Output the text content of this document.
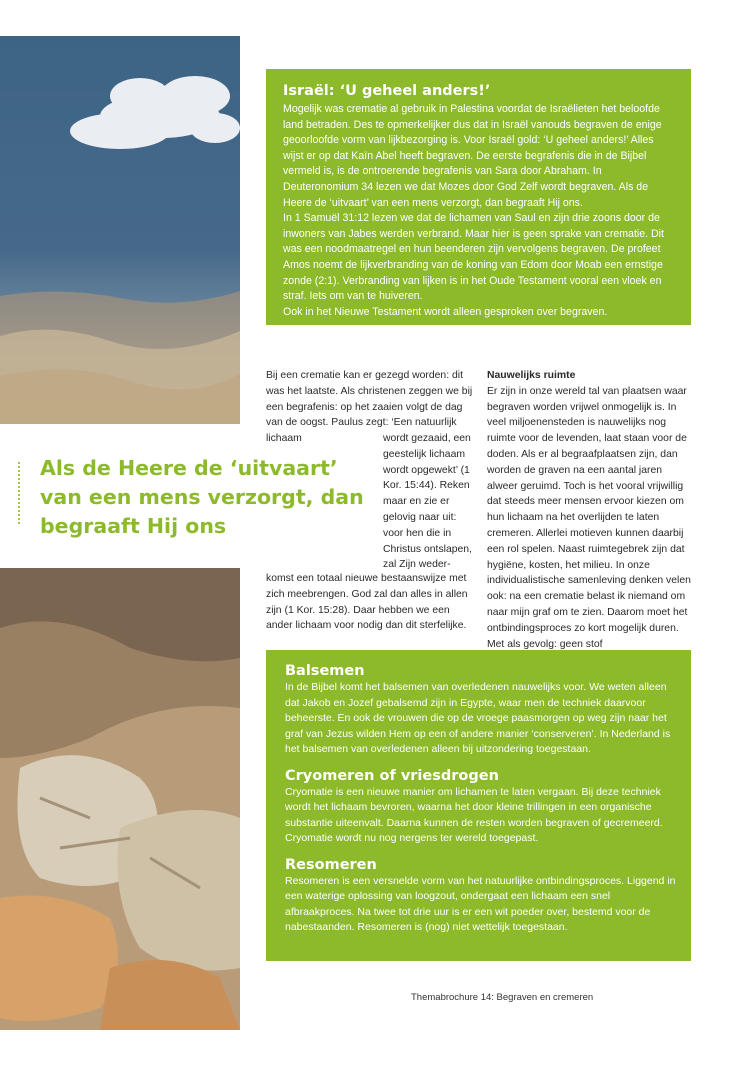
Israël: ‘U geheel anders!’

Mogelijk was crematie al gebruik in Palestina voordat de Israëlieten het beloofde land betraden. Des te opmerkelijker dus dat in Israël vanouds begraven de enige geoorloofde vorm van lijkbezorging is. Voor Israël gold: ‘U geheel anders!’ Alles wijst er op dat Kaïn Abel heeft begraven. De eerste begrafenis die in de Bijbel vermeld is, is de ontroerende begrafenis van Sara door Abraham. In Deuteronomium 34 lezen we dat Mozes door God Zelf wordt begraven. Als de Heere de ‘uitvaart’ van een mens verzorgt, dan begraaft Hij ons.

In 1 Samuël 31:12 lezen we dat de lichamen van Saul en zijn drie zoons door de inwoners van Jabes werden verbrand. Maar hier is geen sprake van crematie. Dit was een noodmaatregel en hun beenderen zijn vervolgens begraven. De profeet Amos noemt de lijkverbranding van de koning van Edom door Moab een ernstige zonde (2:1). Verbranding van lijken is in het Oude Testament vooral een vloek en straf. Iets om van te huiveren.

Ook in het Nieuwe Testament wordt alleen gesproken over begraven.

Bij een crematie kan er gezegd worden: dit was het laatste. Als christenen zeggen we bij een begrafenis: op het zaaien volgt de dag van de oogst. Paulus zegt: ‘Een natuurlijk lichaam	wordt gezaaid, een geestelijk lichaam wordt opgewekt’ (1 Kor. 15:44). Reken maar en zie er gelovig naar uit: voor hen die in Christus ontslapen, zal Zijn weder-

komst een totaal nieuwe bestaanswijze met zich meebrengen. God zal dan alles in allen zijn (1 Kor. 15:28). Daar hebben we een ander lichaam voor nodig dan dit sterfelijke.

Nauwelijks ruimte

Er zijn in onze wereld tal van plaatsen waar begraven worden vrijwel onmogelijk is. In veel miljoenensteden is nauwelijks nog ruimte voor de levenden, laat staan voor de doden. Als er al begraafplaatsen zijn, dan worden de graven na een aantal jaren alweer geruimd. Toch is het vooral vrijwillig dat steeds meer mensen ervoor kiezen om hun lichaam na het overlijden te laten cremeren. Allerlei motieven kunnen daarbij een rol spelen. Naast ruimtegebrek zijn dat hygiëne, kosten, het milieu. In onze individualistische samenleving denken velen ook: na een crematie belast ik niemand om naar mijn graf om te zien. Daarom moet het ontbindingsproces zo kort mogelijk duren. Met als gevolg: geen stof

Als de Heere de ‘uitvaart’ van een mens verzorgt, dan begraaft Hij ons
Balsemen

In de Bijbel komt het balsemen van overledenen nauwelijks voor. We weten alleen dat Jakob en Jozef gebalsemd zijn in Egypte, waar men de techniek daarvoor beheerste. En ook de vrouwen die op de vroege paasmorgen op weg zijn naar het graf van Jezus wilden Hem op een of andere manier ‘conserveren’. In Nederland is het balsemen van overledenen alleen bij uitzondering toegestaan.

Cryomeren of vriesdrogen

Cryomatie is een nieuwe manier om lichamen te laten vergaan. Bij deze techniek wordt het lichaam bevroren, waarna het door kleine trillingen in een organische substantie uiteenvalt. Daarna kunnen de resten worden begraven of gecremeerd. Cryomatie wordt nu nog nergens ter wereld toegepast.

Resomeren

Resomeren is een versnelde vorm van het natuurlijke ontbindingsproces. Liggend in een waterige oplossing van loogzout, ondergaat een lichaam een snel afbraakproces. Na twee tot drie uur is er een wit poeder over, bestemd voor de nabestaanden. Resomeren is (nog) niet wettelijk toegestaan.

Themabrochure 14: Begraven en cremeren
